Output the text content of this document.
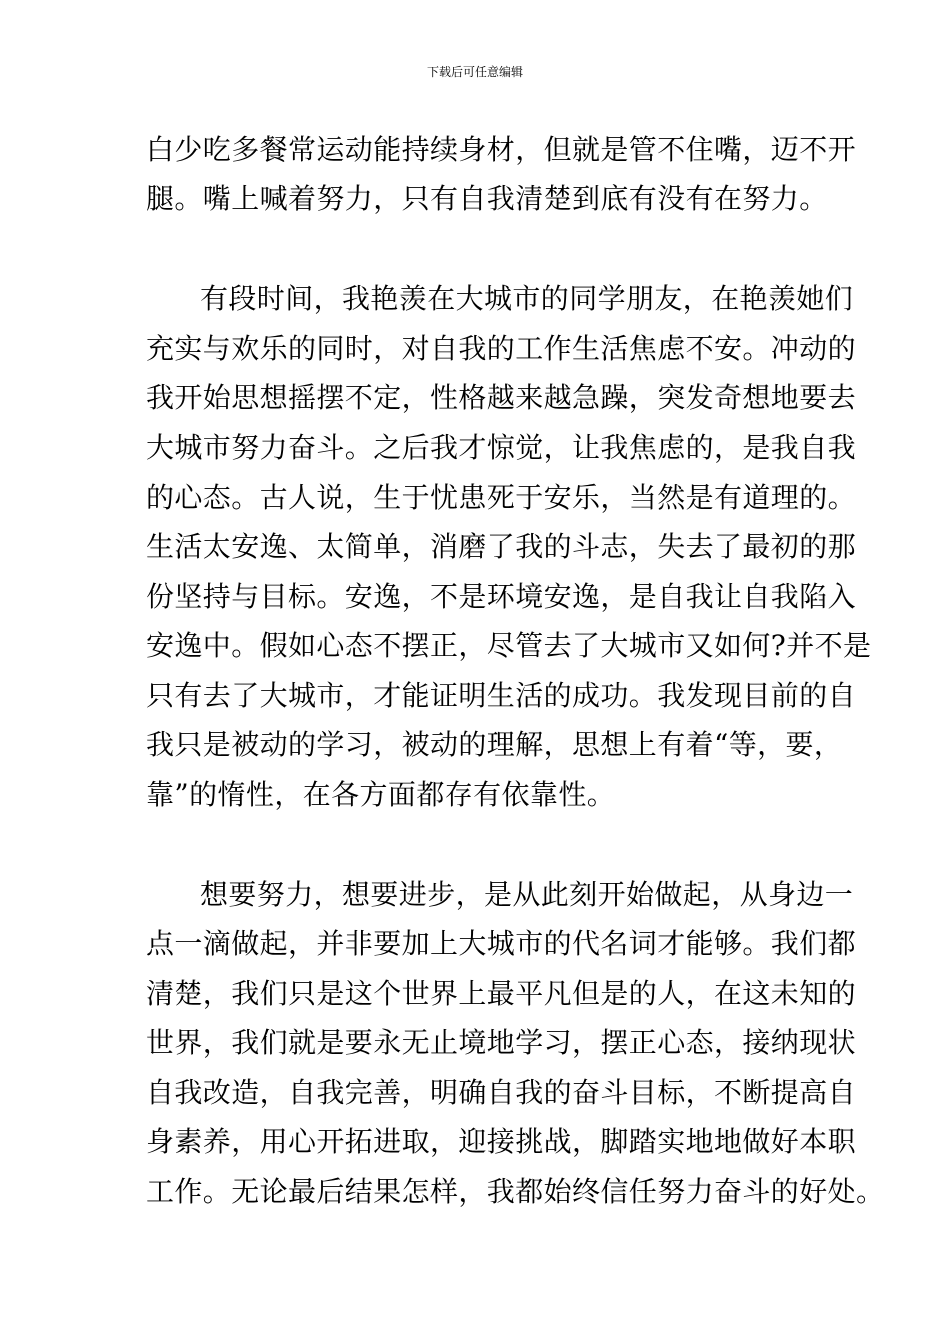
下载后可任意编辑
白少吃多餐常运动能持续身材，但就是管不住嘴，迈不开
腿。嘴上喊着努力，只有自我清楚到底有没有在努力。
有段时间，我艳羡在大城市的同学朋友，在艳羡她们
充实与欢乐的同时，对自我的工作生活焦虑不安。冲动的
我开始思想摇摆不定，性格越来越急躁，突发奇想地要去
大城市努力奋斗。之后我才惊觉，让我焦虑的，是我自我
的心态。古人说，生于忧患死于安乐，当然是有道理的。
生活太安逸、太简单，消磨了我的斗志，失去了最初的那
份坚持与目标。安逸，不是环境安逸，是自我让自我陷入
安逸中。假如心态不摆正，尽管去了大城市又如何?并不是
只有去了大城市，才能证明生活的成功。我发现目前的自
我只是被动的学习，被动的理解，思想上有着“等，要，
靠”的惰性，在各方面都存有依靠性。
想要努力，想要进步，是从此刻开始做起，从身边一
点一滴做起，并非要加上大城市的代名词才能够。我们都
清楚，我们只是这个世界上最平凡但是的人，在这未知的
世界，我们就是要永无止境地学习，摆正心态，接纳现状
自我改造，自我完善，明确自我的奋斗目标，不断提高自
身素养，用心开拓进取，迎接挑战，脚踏实地地做好本职
工作。无论最后结果怎样，我都始终信任努力奋斗的好处。
